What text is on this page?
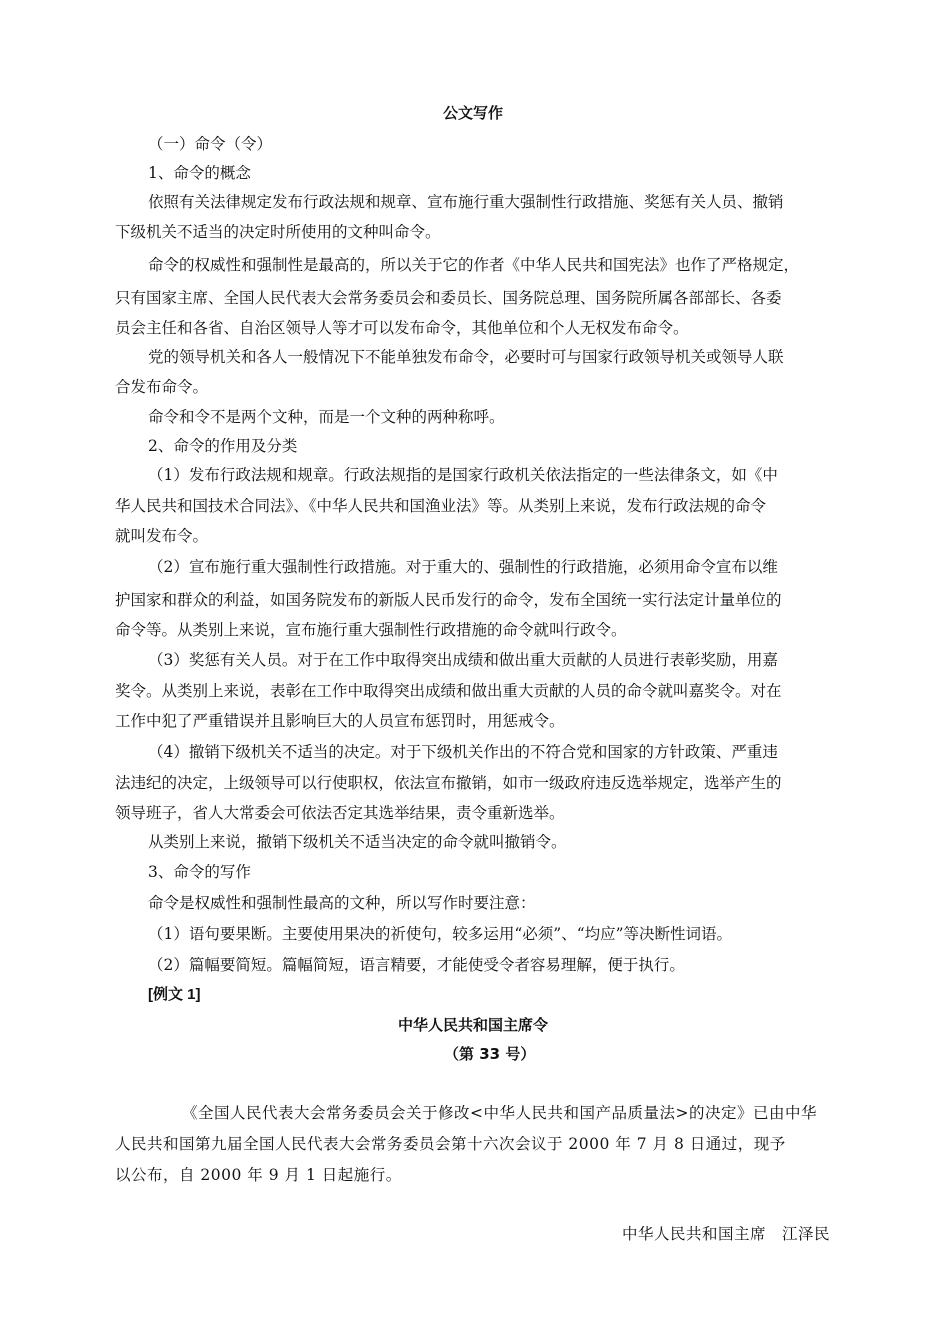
公文写作
（一）命令（令）
1、命令的概念
依照有关法律规定发布行政法规和规章、宣布施行重大强制性行政措施、奖惩有关人员、撤销
下级机关不适当的决定时所使用的文种叫命令。
命令的权威性和强制性是最高的，所以关于它的作者《中华人民共和国宪法》也作了严格规定，
只有国家主席、全国人民代表大会常务委员会和委员长、国务院总理、国务院所属各部部长、各委
员会主任和各省、自治区领导人等才可以发布命令，其他单位和个人无权发布命令。
党的领导机关和各人一般情况下不能单独发布命令，必要时可与国家行政领导机关或领导人联
合发布命令。
命令和令不是两个文种，而是一个文种的两种称呼。
2、命令的作用及分类
（1）发布行政法规和规章。行政法规指的是国家行政机关依法指定的一些法律条文，如《中
华人民共和国技术合同法》、《中华人民共和国渔业法》等。从类别上来说，发布行政法规的命令
就叫发布令。
（2）宣布施行重大强制性行政措施。对于重大的、强制性的行政措施，必须用命令宣布以维
护国家和群众的利益，如国务院发布的新版人民币发行的命令，发布全国统一实行法定计量单位的
命令等。从类别上来说，宣布施行重大强制性行政措施的命令就叫行政令。
（3）奖惩有关人员。对于在工作中取得突出成绩和做出重大贡献的人员进行表彰奖励，用嘉
奖令。从类别上来说，表彰在工作中取得突出成绩和做出重大贡献的人员的命令就叫嘉奖令。对在
工作中犯了严重错误并且影响巨大的人员宣布惩罚时，用惩戒令。
（4）撤销下级机关不适当的决定。对于下级机关作出的不符合党和国家的方针政策、严重违
法违纪的决定，上级领导可以行使职权，依法宣布撤销，如市一级政府违反选举规定，选举产生的
领导班子，省人大常委会可依法否定其选举结果，责令重新选举。
从类别上来说，撤销下级机关不适当决定的命令就叫撤销令。
3、命令的写作
命令是权威性和强制性最高的文种，所以写作时要注意：
（1）语句要果断。主要使用果决的祈使句，较多运用“必须”、“均应”等决断性词语。
（2）篇幅要简短。篇幅简短，语言精要，才能使受令者容易理解，便于执行。
[例文 1]
中华人民共和国主席令
（第 33 号）
《全国人民代表大会常务委员会关于修改<中华人民共和国产品质量法>的决定》已由中华
人民共和国第九届全国人民代表大会常务委员会第十六次会议于 2000 年 7 月 8 日通过，现予
以公布，自 2000 年 9 月 1 日起施行。
中华人民共和国主席　江泽民
